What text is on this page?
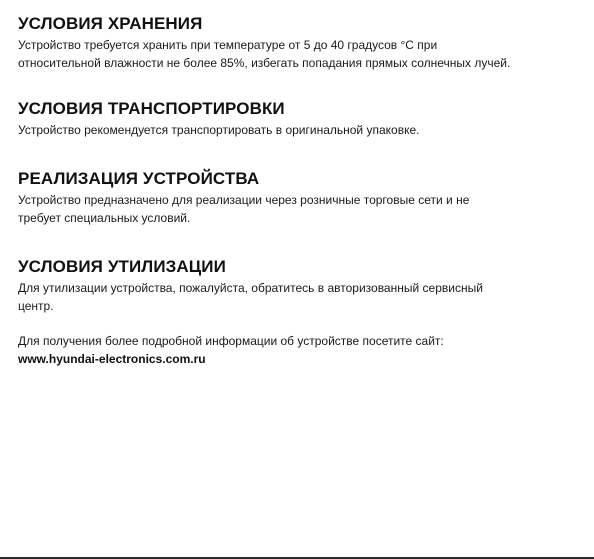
УСЛОВИЯ ХРАНЕНИЯ

Устройство требуется хранить при температуре от 5 до 40 градусов °С при
относительной влажности не более 85%, избегать попадания прямых солнечных лучей.

УСЛОВИЯ ТРАНСПОРТИРОВКИ

Устройство рекомендуется транспортировать в оригинальной упаковке.

РЕАЛИЗАЦИЯ УСТРОЙСТВА

Устройство предназначено для реализации через розничные торговые сети и не
требует специальных условий.

УСЛОВИЯ УТИЛИЗАЦИИ

Для утилизации устройства, пожалуйста, обратитесь в авторизованный сервисный
центр.

Для получения более подробной информации об устройстве посетите сайт:
www.hyundai-electronics.com.ru
